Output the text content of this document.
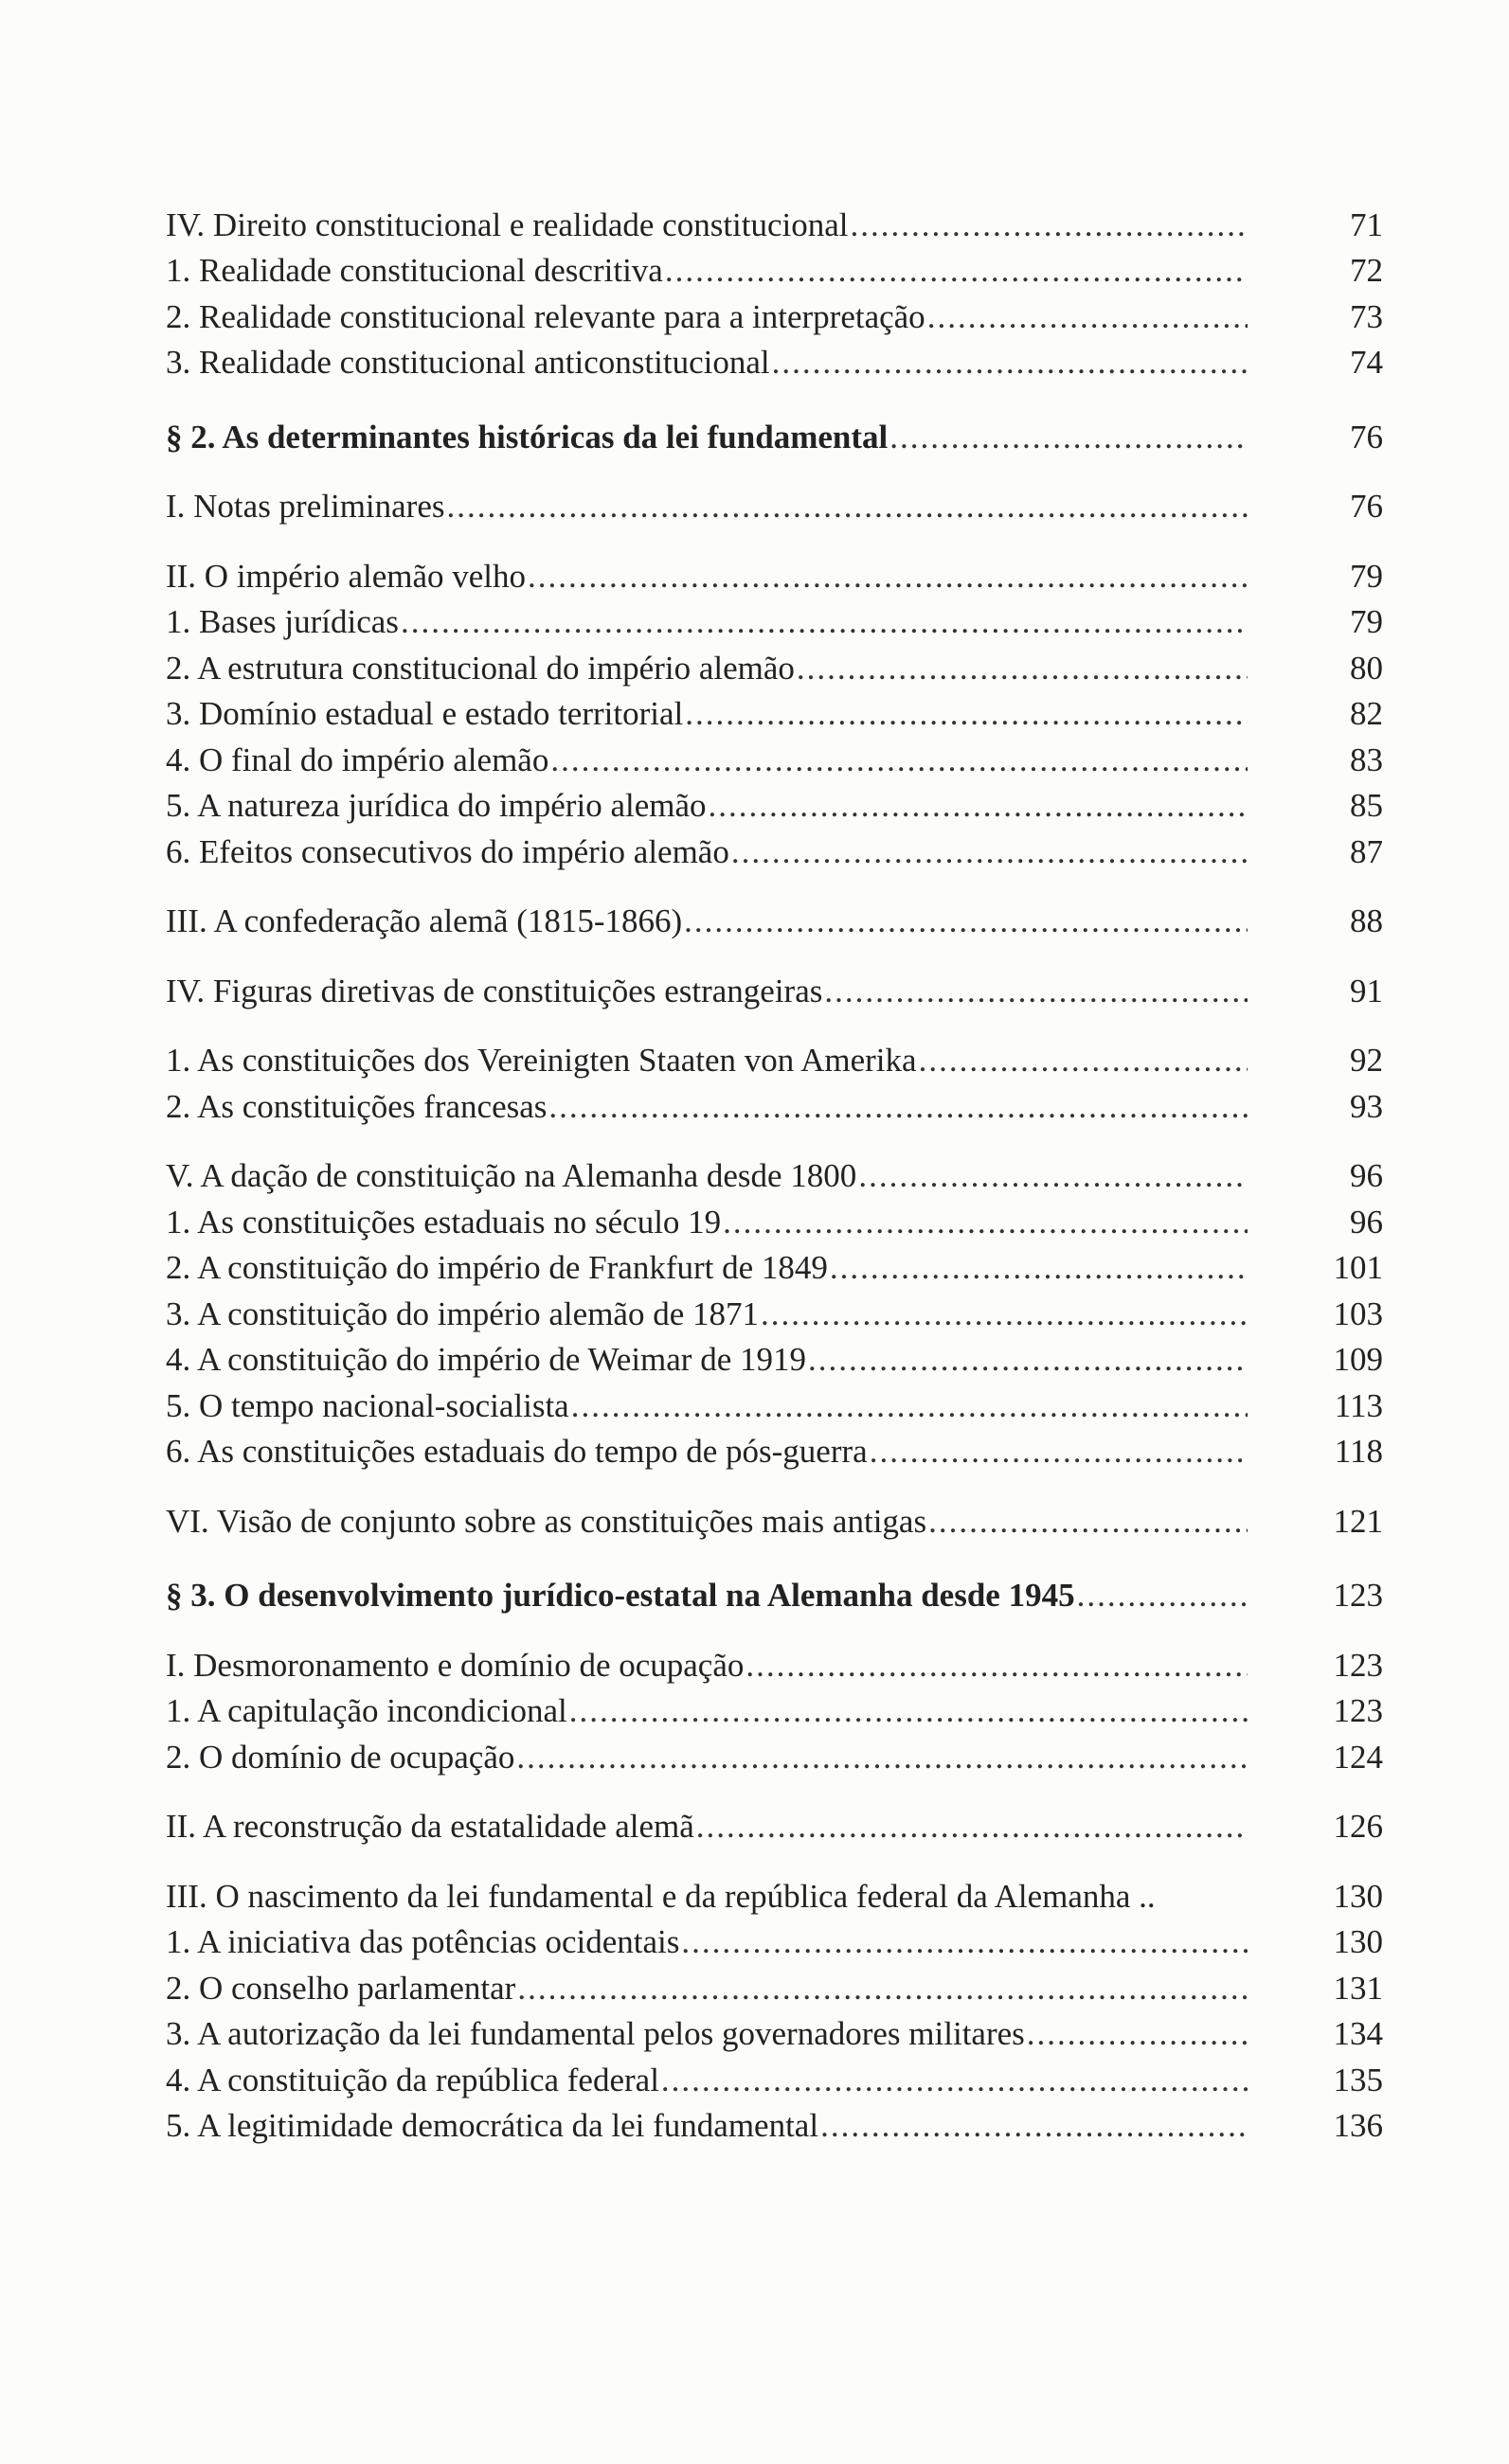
IV. Direito constitucional e realidade constitucional .....	71
1. Realidade constitucional descritiva .....	72
2. Realidade constitucional relevante para a interpretação .....	73
3. Realidade constitucional anticonstitucional .....	74
§ 2. As determinantes históricas da lei fundamental .....	76
I. Notas preliminares .....	76
II. O império alemão velho .....	79
1. Bases jurídicas .....	79
2. A estrutura constitucional do império alemão .....	80
3. Domínio estadual e estado territorial .....	82
4. O final do império alemão .....	83
5. A natureza jurídica do império alemão .....	85
6. Efeitos consecutivos do império alemão .....	87
III. A confederação alemã (1815-1866) .....	88
IV. Figuras diretivas de constituições estrangeiras .....	91
1. As constituições dos Vereinigten Staaten von Amerika .....	92
2. As constituições francesas .....	93
V. A dação de constituição na Alemanha desde 1800 .....	96
1. As constituições estaduais no século 19 .....	96
2. A constituição do império de Frankfurt de 1849 .....	101
3. A constituição do império alemão de 1871 .....	103
4. A constituição do império de Weimar de 1919 .....	109
5. O tempo nacional-socialista .....	113
6. As constituições estaduais do tempo de pós-guerra .....	118
VI. Visão de conjunto sobre as constituições mais antigas .....	121
§ 3. O desenvolvimento jurídico-estatal na Alemanha desde 1945 .....	123
I. Desmoronamento e domínio de ocupação .....	123
1. A capitulação incondicional .....	123
2. O domínio de ocupação .....	124
II. A reconstrução da estatalidade alemã .....	126
III. O nascimento da lei fundamental e da república federal da Alemanha ..	130
1. A iniciativa das potências ocidentais .....	130
2. O conselho parlamentar .....	131
3. A autorização da lei fundamental pelos governadores militares .....	134
4. A constituição da república federal .....	135
5. A legitimidade democrática da lei fundamental .....	136
